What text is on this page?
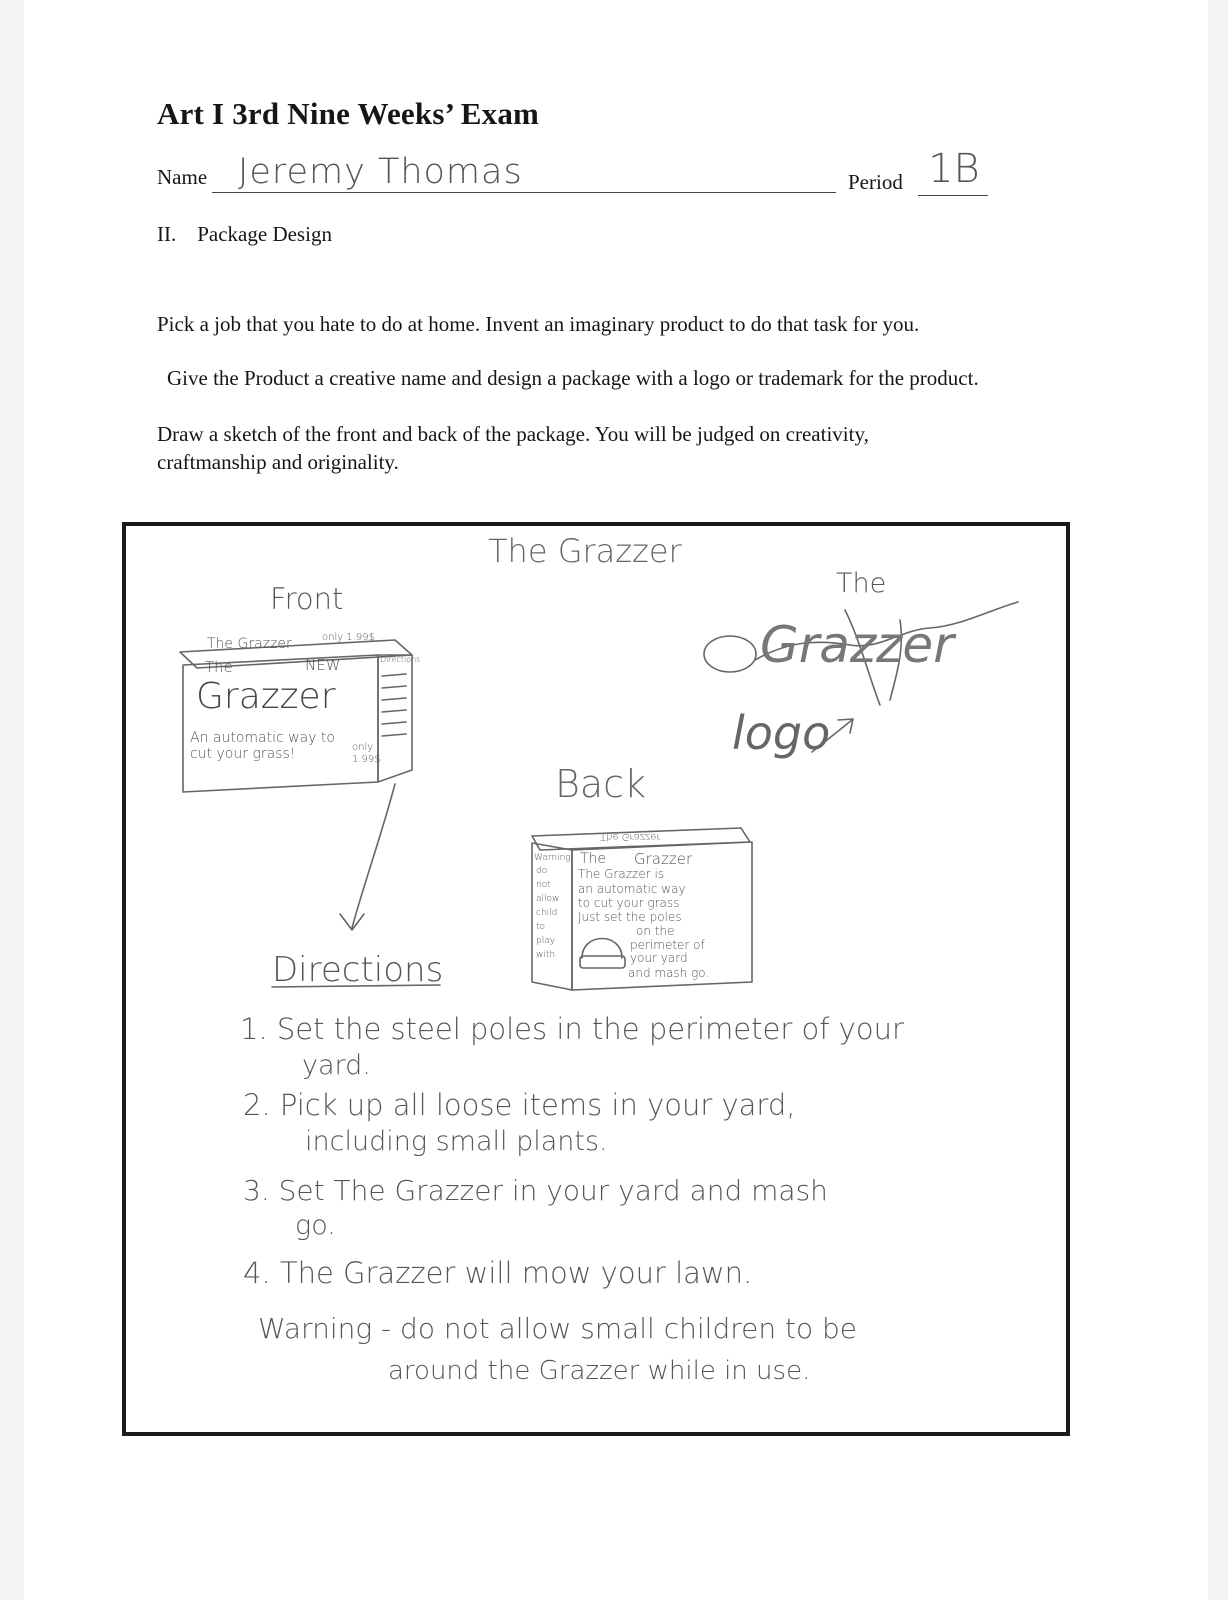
Art I 3rd Nine Weeks’ Exam
Name Jeremy Thomas	Period 1B
II.    Package Design
Pick a job that you hate to do at home. Invent an imaginary product to do that task for you.
Give the Product a creative name and design a package with a logo or trademark for the product.
Draw a sketch of the front and back of the package. You will be judged on creativity,
craftmanship and originality.
The Grazzer
Front
The Grazzer	only 1.99$
The	NEW
Grazzer
An automatic way to cut your grass!	only 1.99$
Directions
The
Grazzer
logo
Back
The Grazzer
The Grazzer
The Grazzer is
an automatic way
to cut your grass
Just set the poles
on the
perimeter of
your yard
and mash go.
Warning
do
not
allow
child
to
play
with
Directions
1. Set the steel poles in the perimeter of your
yard.
2. Pick up all loose items in your yard,
including small plants.
3. Set The Grazzer in your yard and mash
go.
4. The Grazzer will mow your lawn.
Warning - do not allow small children to be
around the Grazzer while in use.
